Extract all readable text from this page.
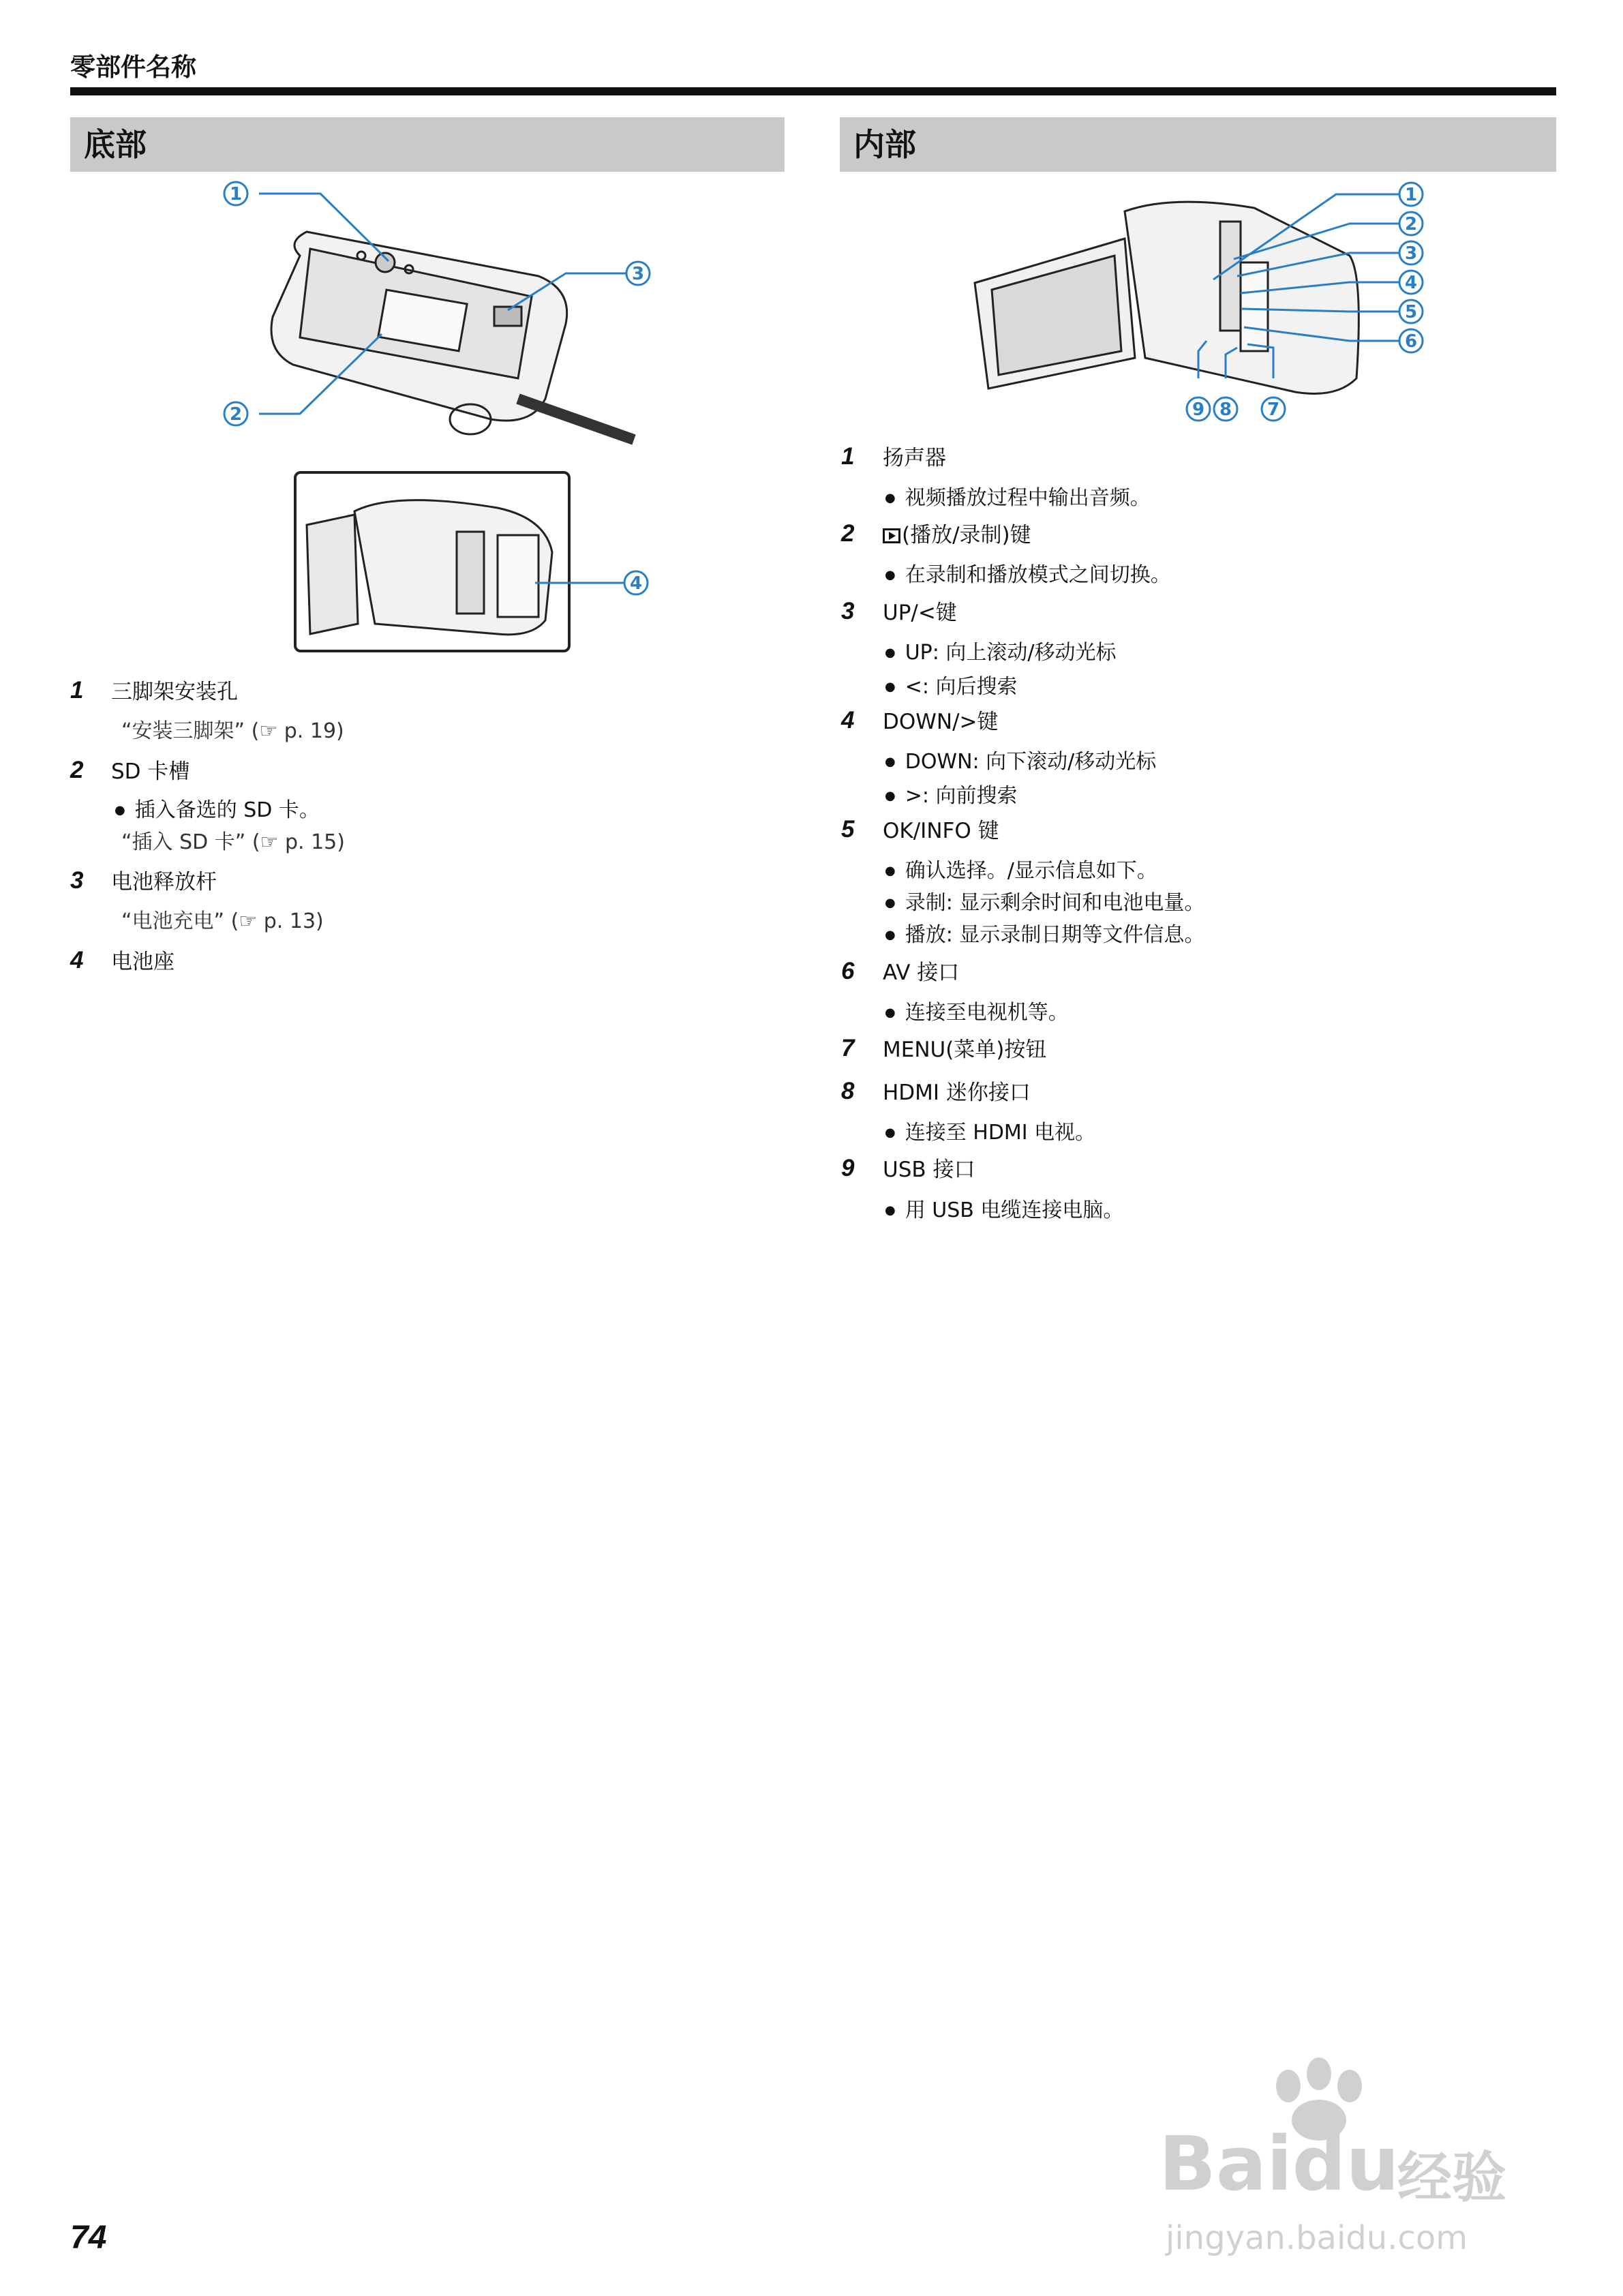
零部件名称
底部	内部
1
2
3
4
1
2
3
4
5
6
7
8
9
1 三脚架安装孔
“安装三脚架” (☞ p. 19)
2 SD 卡槽
● 插入备选的 SD 卡。
“插入 SD 卡” (☞ p. 15)
3 电池释放杆
“电池充电” (☞ p. 13)
4 电池座
1 扬声器
● 视频播放过程中输出音频。
2	(播放/录制)键
● 在录制和播放模式之间切换。
3 UP/<键
● UP: 向上滚动/移动光标
● <: 向后搜索
4 DOWN/>键
● DOWN: 向下滚动/移动光标
● >: 向前搜索
5 OK/INFO 键
● 确认选择。/显示信息如下。
● 录制: 显示剩余时间和电池电量。
● 播放: 显示录制日期等文件信息。
6 AV 接口
● 连接至电视机等。
7 MENU(菜单)按钮
8 HDMI 迷你接口
● 连接至 HDMI 电视。
9 USB 接口
● 用 USB 电缆连接电脑。
74
Baidu
经验
jingyan.baidu.com
